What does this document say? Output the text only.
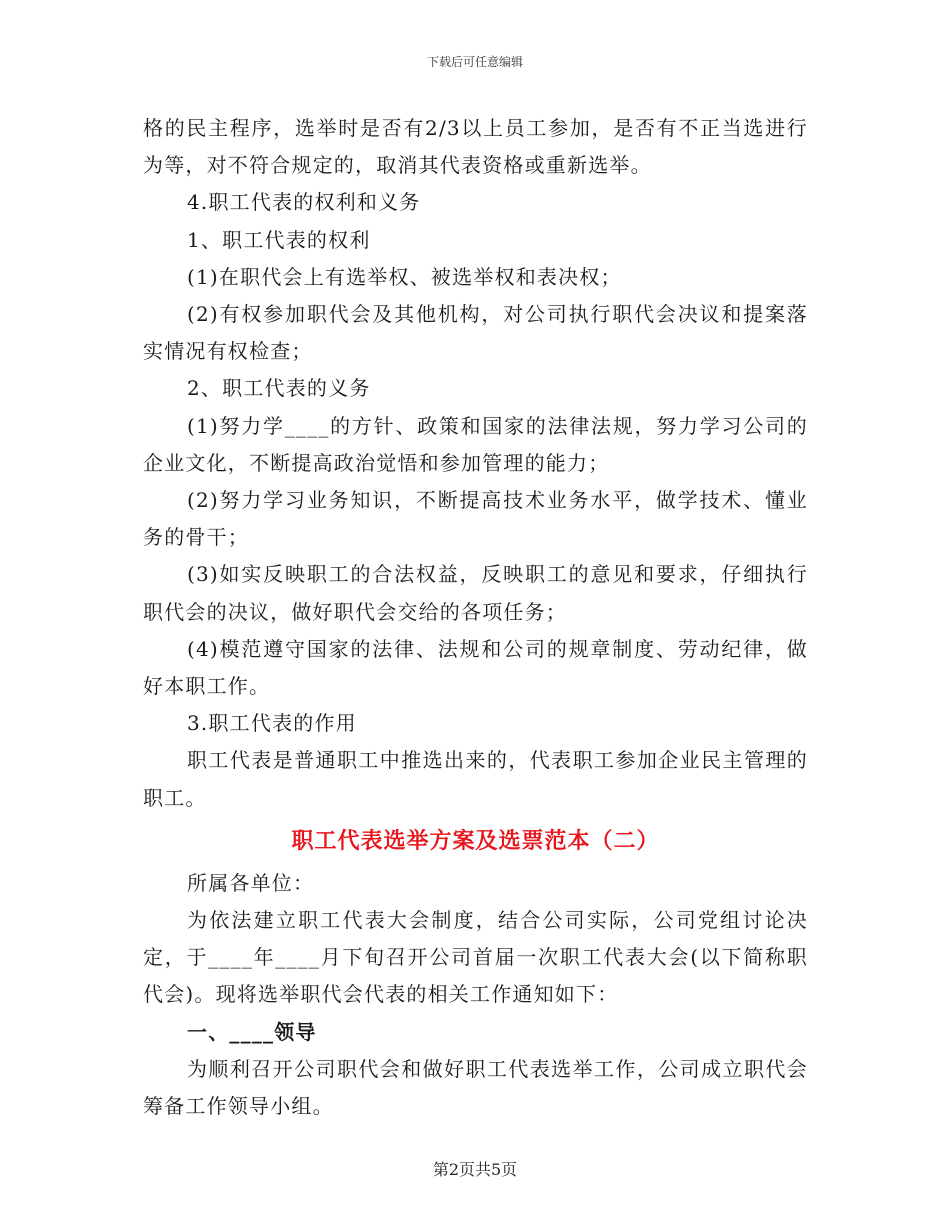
下载后可任意编辑

格的民主程序，选举时是否有2/3以上员工参加，是否有不正当选进行为等，对不符合规定的，取消其代表资格或重新选举。

4.职工代表的权利和义务

1、职工代表的权利

(1)在职代会上有选举权、被选举权和表决权；

(2)有权参加职代会及其他机构，对公司执行职代会决议和提案落实情况有权检查；

2、职工代表的义务

(1)努力学____的方针、政策和国家的法律法规，努力学习公司的企业文化，不断提高政治觉悟和参加管理的能力；

(2)努力学习业务知识，不断提高技术业务水平，做学技术、懂业务的骨干；

(3)如实反映职工的合法权益，反映职工的意见和要求，仔细执行职代会的决议，做好职代会交给的各项任务；

(4)模范遵守国家的法律、法规和公司的规章制度、劳动纪律，做好本职工作。

3.职工代表的作用

职工代表是普通职工中推选出来的，代表职工参加企业民主管理的职工。

职工代表选举方案及选票范本（二）

所属各单位：

为依法建立职工代表大会制度，结合公司实际，公司党组讨论决定，于____年____月下旬召开公司首届一次职工代表大会(以下简称职代会)。现将选举职代会代表的相关工作通知如下：

一、____领导

为顺利召开公司职代会和做好职工代表选举工作，公司成立职代会筹备工作领导小组。

第2页共5页
